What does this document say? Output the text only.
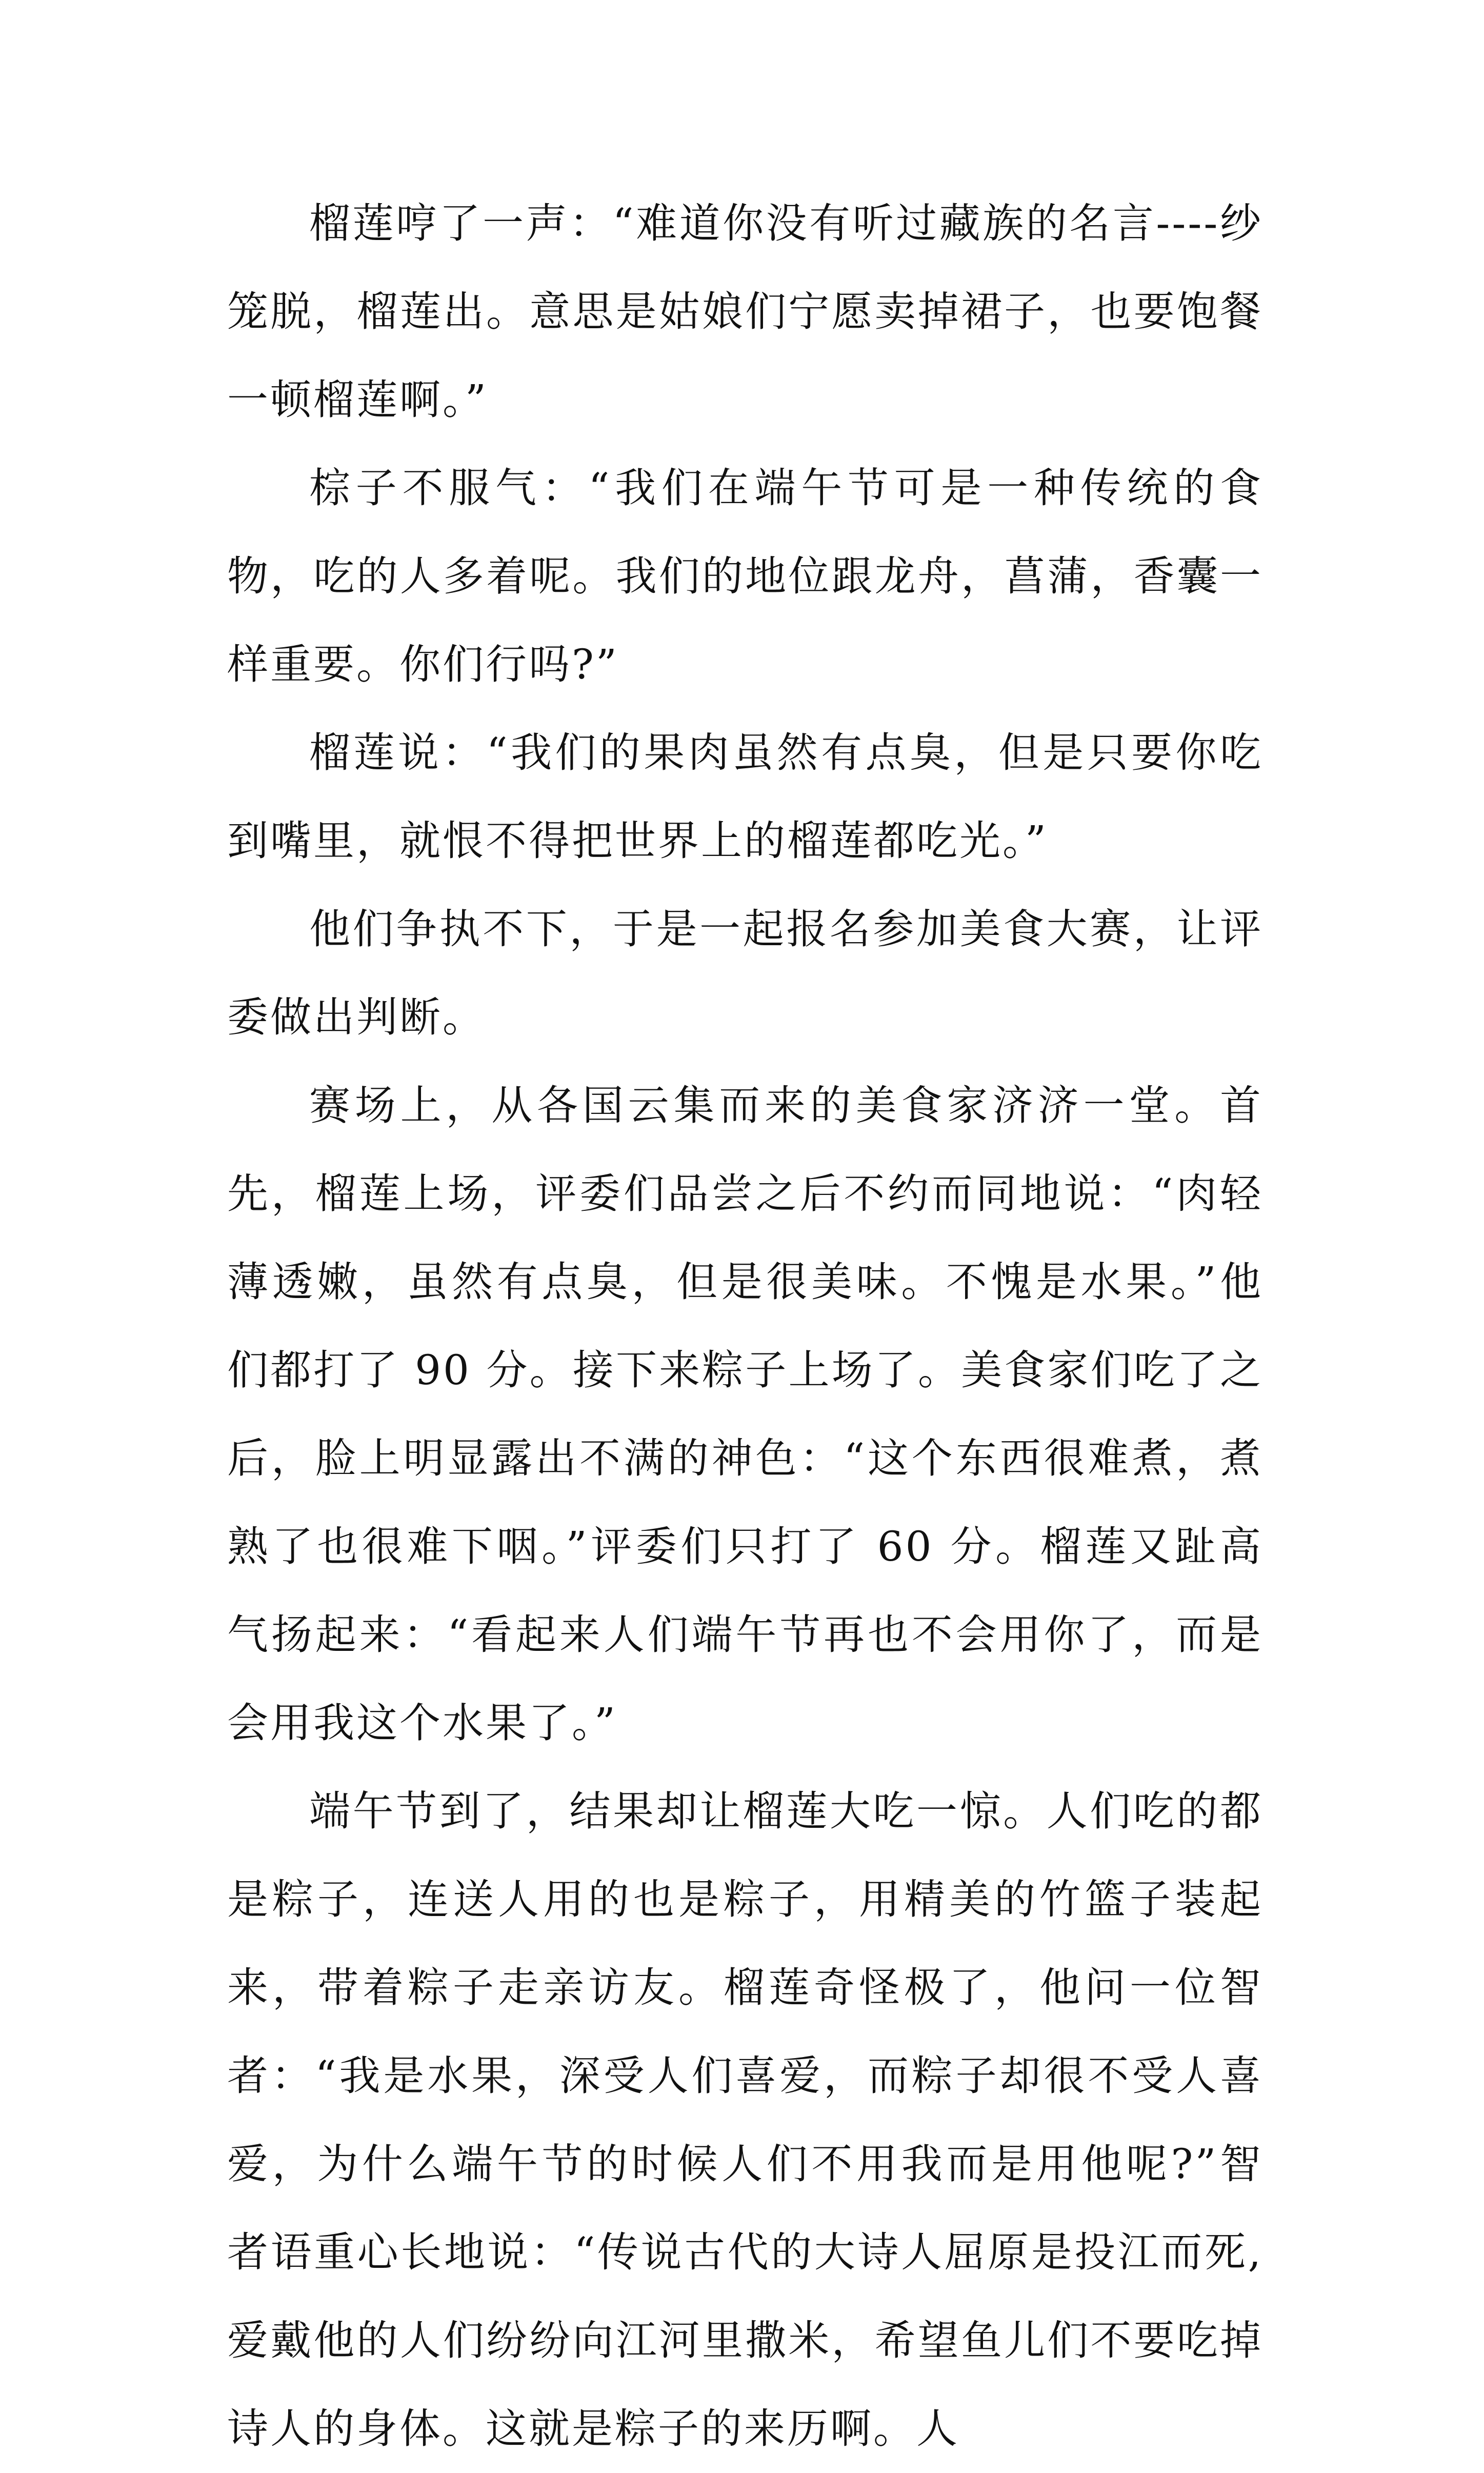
榴莲哼了一声：“难道你没有听过藏族的名言----纱笼脱，榴莲出。意思是姑娘们宁愿卖掉裙子，也要饱餐一顿榴莲啊。”

棕子不服气：“我们在端午节可是一种传统的食物，吃的人多着呢。我们的地位跟龙舟，菖蒲，香囊一样重要。你们行吗?”

榴莲说：“我们的果肉虽然有点臭，但是只要你吃到嘴里，就恨不得把世界上的榴莲都吃光。”

他们争执不下，于是一起报名参加美食大赛，让评委做出判断。

赛场上，从各国云集而来的美食家济济一堂。首先，榴莲上场，评委们品尝之后不约而同地说：“肉轻薄透嫩，虽然有点臭，但是很美味。不愧是水果。”他们都打了 90 分。接下来粽子上场了。美食家们吃了之后，脸上明显露出不满的神色：“这个东西很难煮，煮熟了也很难下咽。”评委们只打了 60 分。榴莲又趾高气扬起来：“看起来人们端午节再也不会用你了，而是会用我这个水果了。”

端午节到了，结果却让榴莲大吃一惊。人们吃的都是粽子，连送人用的也是粽子，用精美的竹篮子装起来，带着粽子走亲访友。榴莲奇怪极了，他问一位智者：“我是水果，深受人们喜爱，而粽子却很不受人喜爱，为什么端午节的时候人们不用我而是用他呢?”智者语重心长地说：“传说古代的大诗人屈原是投江而死,爱戴他的人们纷纷向江河里撒米，希望鱼儿们不要吃掉诗人的身体。这就是粽子的来历啊。人
